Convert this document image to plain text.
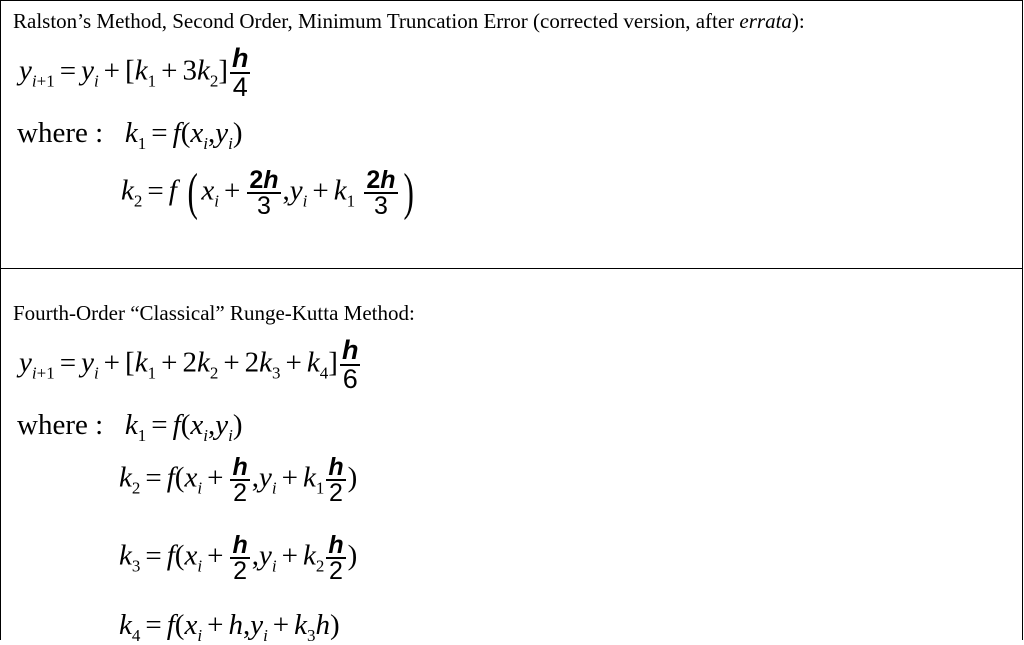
Ralston’s Method, Second Order, Minimum Truncation Error (corrected version, after errata):
$y_{i+1} = y_i + [k_1 + 3k_2] \frac{h}{4}$
where : $k_1 = f(x_i,y_i)$
$k_2 = f$ ( $x_i + \frac{2h}{3} ,y_i + k_1 \frac{2h}{3}$ )
Fourth-Order “Classical” Runge-Kutta Method:
$y_{i+1} = y_i + [k_1 + 2k_2 + 2k_3 + k_4] \frac{h}{6}$
where : $k_1 = f(x_i,y_i)$
$k_2 = f(x_i + \frac{h}{2} ,y_i + k_1 \frac{h}{2}$ )
$k_3 = f(x_i + \frac{h}{2} ,y_i + k_2 \frac{h}{2}$ )
$k_4 = f(x_i + h,y_i + k_3h)$
